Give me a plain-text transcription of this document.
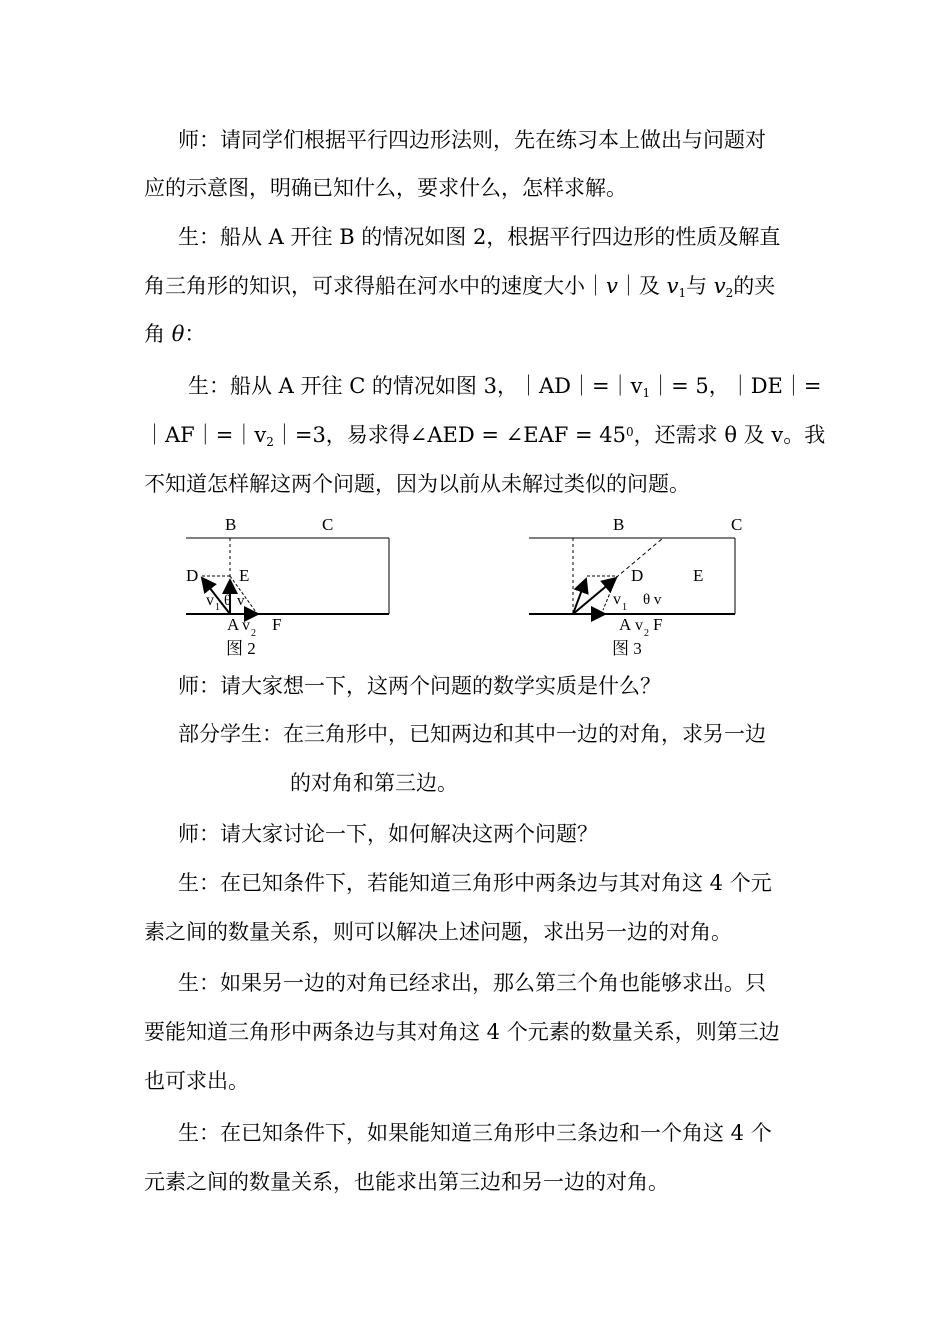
师：请同学们根据平行四边形法则，先在练习本上做出与问题对
应的示意图，明确已知什么，要求什么，怎样求解。
生：船从 A 开往 B 的情况如图 2，根据平行四边形的性质及解直
角三角形的知识，可求得船在河水中的速度大小｜v｜及 $v_1$与 $v_2$的夹
角 θ：
生：船从 A 开往 C 的情况如图 3，$|AD|=|v_1|= 5$，｜DE｜=
$|AF|=|v_2|=3$，易求得∠AED = ∠EAF = $45^0$，还需求 θ 及 v。我
不知道怎样解这两个问题，因为以前从未解过类似的问题。
B	C
D E
v 1 θ v
A v 2 F
图 2
B	C
D	E
v 1 θ v
A v 2 F
图 3
师：请大家想一下，这两个问题的数学实质是什么？
部分学生：在三角形中，已知两边和其中一边的对角，求另一边
的对角和第三边。
师：请大家讨论一下，如何解决这两个问题？
生：在已知条件下，若能知道三角形中两条边与其对角这 4 个元
素之间的数量关系，则可以解决上述问题，求出另一边的对角。
生：如果另一边的对角已经求出，那么第三个角也能够求出。只
要能知道三角形中两条边与其对角这 4 个元素的数量关系，则第三边
也可求出。
生：在已知条件下，如果能知道三角形中三条边和一个角这 4 个
元素之间的数量关系，也能求出第三边和另一边的对角。
